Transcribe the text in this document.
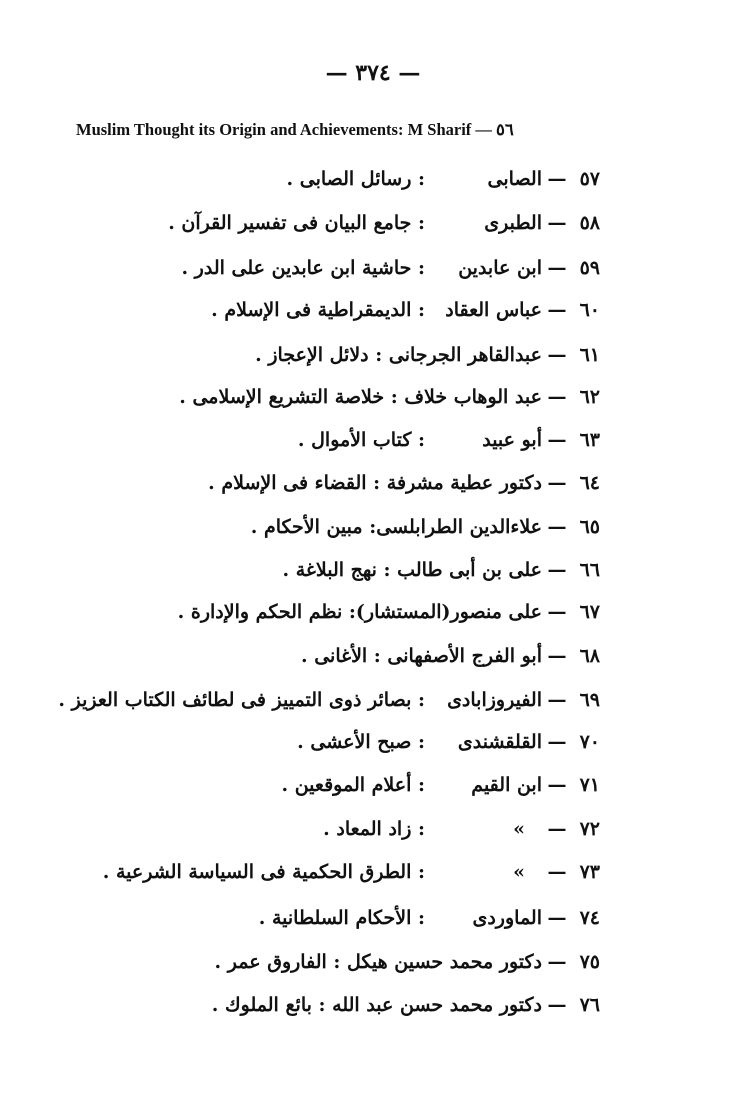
— ٣٧٤ —
Muslim Thought its Origin and Achievements: M Sharif — ٥٦
٥٧
—
الصابى
: رسائل الصابى .
٥٨
—
الطبرى
: جامع البيان فى تفسير القرآن .
٥٩
—
ابن عابدين
: حاشية ابن عابدين على الدر .
٦٠
—
عباس العقاد
: الديمقراطية فى الإسلام .
٦١
—
عبدالقاهر الجرجانى : دلائل الإعجاز .
٦٢
—
عبد الوهاب خلاف : خلاصة التشريع الإسلامى .
٦٣
—
أبو عبيد
: كتاب الأموال .
٦٤
—
دكتور عطية مشرفة : القضاء فى الإسلام .
٦٥
—
علاءالدين الطرابلسى: مبين الأحكام .
٦٦
—
على بن أبى طالب : نهج البلاغة .
٦٧
—
على منصور(المستشار): نظم الحكم والإدارة .
٦٨
—
أبو الفرج الأصفهانى : الأغانى .
٦٩
—
الفيروزابادى
: بصائر ذوى التمييز فى لطائف الكتاب العزيز .
٧٠
—
القلقشندى
: صبح الأعشى .
٧١
—
ابن القيم
: أعلام الموقعين .
٧٢
—
»
: زاد المعاد .
٧٣
—
»
: الطرق الحكمية فى السياسة الشرعية .
٧٤
—
الماوردى
: الأحكام السلطانية .
٧٥
—
دكتور محمد حسين هيكل : الفاروق عمر .
٧٦
—
دكتور محمد حسن عبد الله : بائع الملوك .
